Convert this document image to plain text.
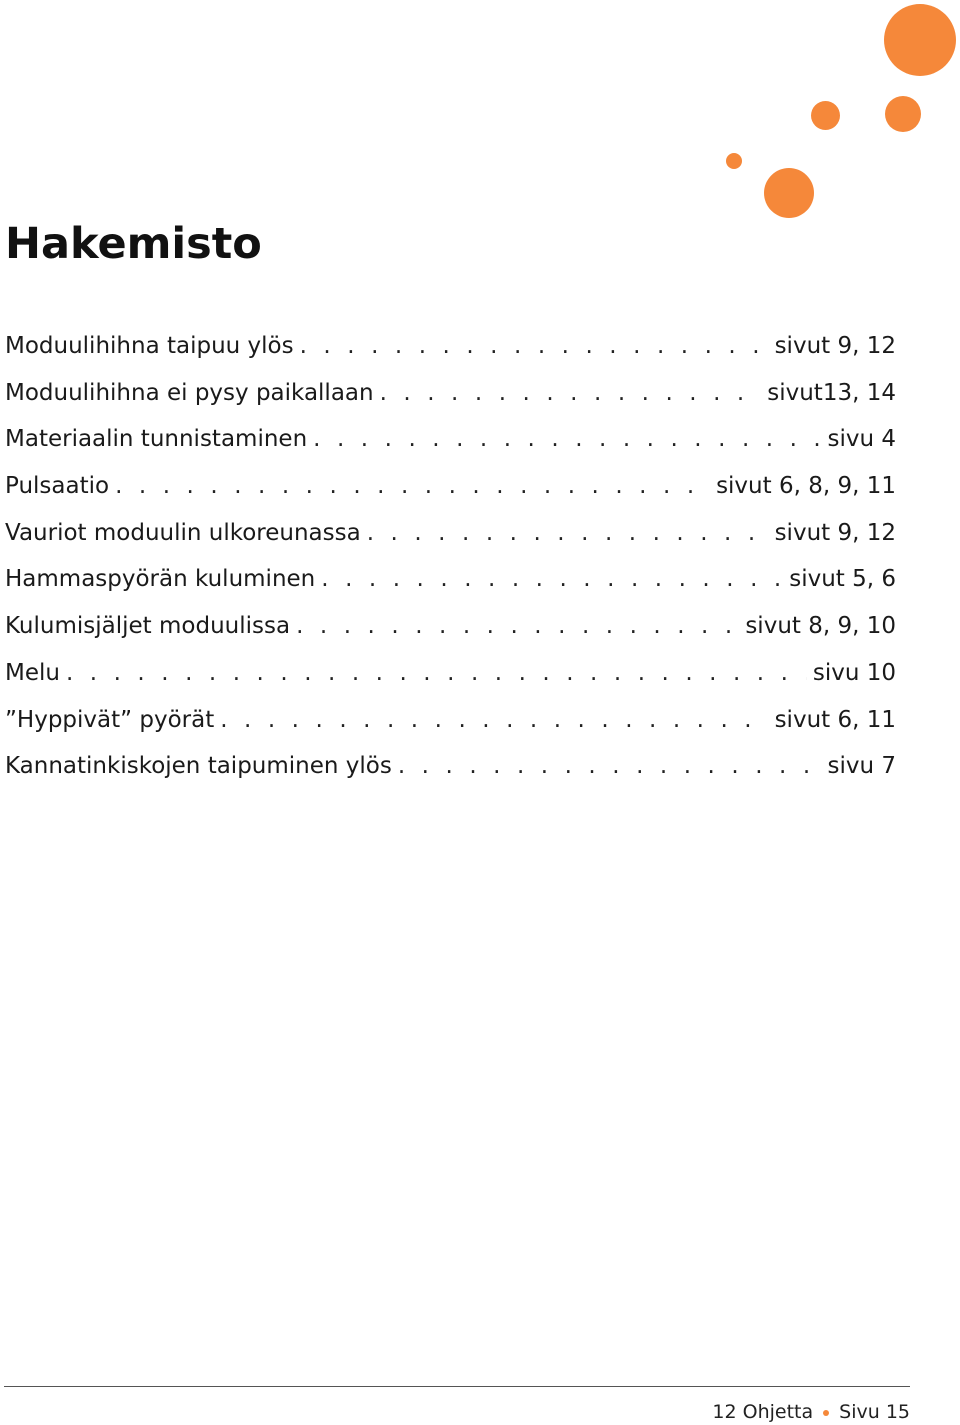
Hakemisto
Moduulihihna taipuu ylös . . .	sivut 9, 12
Moduulihihna ei pysy paikallaan . . .	sivut13, 14
Materiaalin tunnistaminen . . .	sivu 4
Pulsaatio . . .	sivut 6, 8, 9, 11
Vauriot moduulin ulkoreunassa . . .	sivut 9, 12
Hammaspyörän kuluminen . . .	sivut 5, 6
Kulumisjäljet moduulissa . . .	sivut 8, 9, 10
Melu . . .	sivu 10
”Hyppivät” pyörät . . .	sivut 6, 11
Kannatinkiskojen taipuminen ylös . . .	sivu 7
12 Ohjetta Sivu 15
